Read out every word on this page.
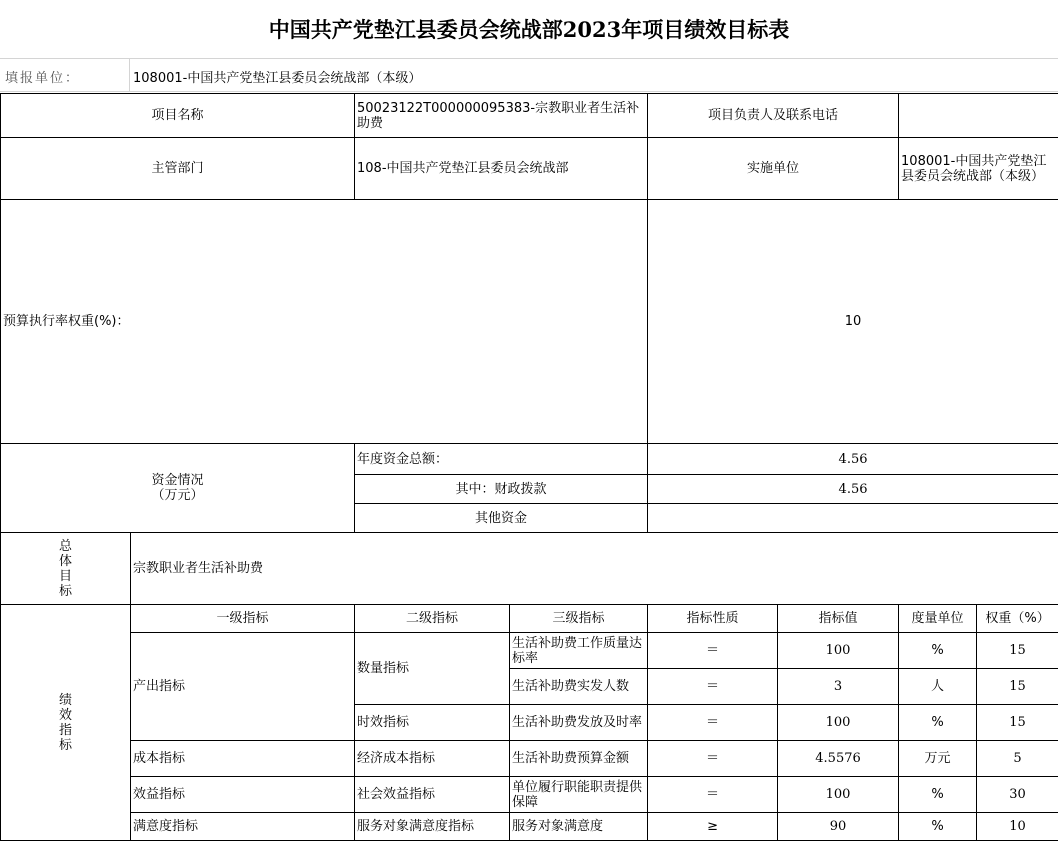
中国共产党垫江县委员会统战部2023年项目绩效目标表
填报单位：	108001-中国共产党垫江县委员会统战部（本级）
项目名称		50023122T000000095383-宗教职业者生活补助费		项目负责人及联系电话			
主管部门		108-中国共产党垫江县委员会统战部		实施单位		108001-中国共产党垫江县委员会统战部（本级）	
预算执行率权重(%)：				10			

资金情况
（万元）		年度资金总额：		4.56			
		其中：财政拨款		4.56			
		其他资金					

总体目标	宗教职业者生活补助费						

绩效指标	一级指标	二级指标	三级指标	指标性质	指标值	度量单位	权重（%）
	产出指标	数量指标	生活补助费工作质量达标率	＝	100	%	15
			生活补助费实发人数	＝	3	人	15
		时效指标	生活补助费发放及时率	＝	100	%	15
	成本指标	经济成本指标	生活补助费预算金额	＝	4.5576	万元	5
	效益指标	社会效益指标	单位履行职能职责提供保障	＝	100	%	30
	满意度指标	服务对象满意度指标	服务对象满意度	≥	90	%	10
